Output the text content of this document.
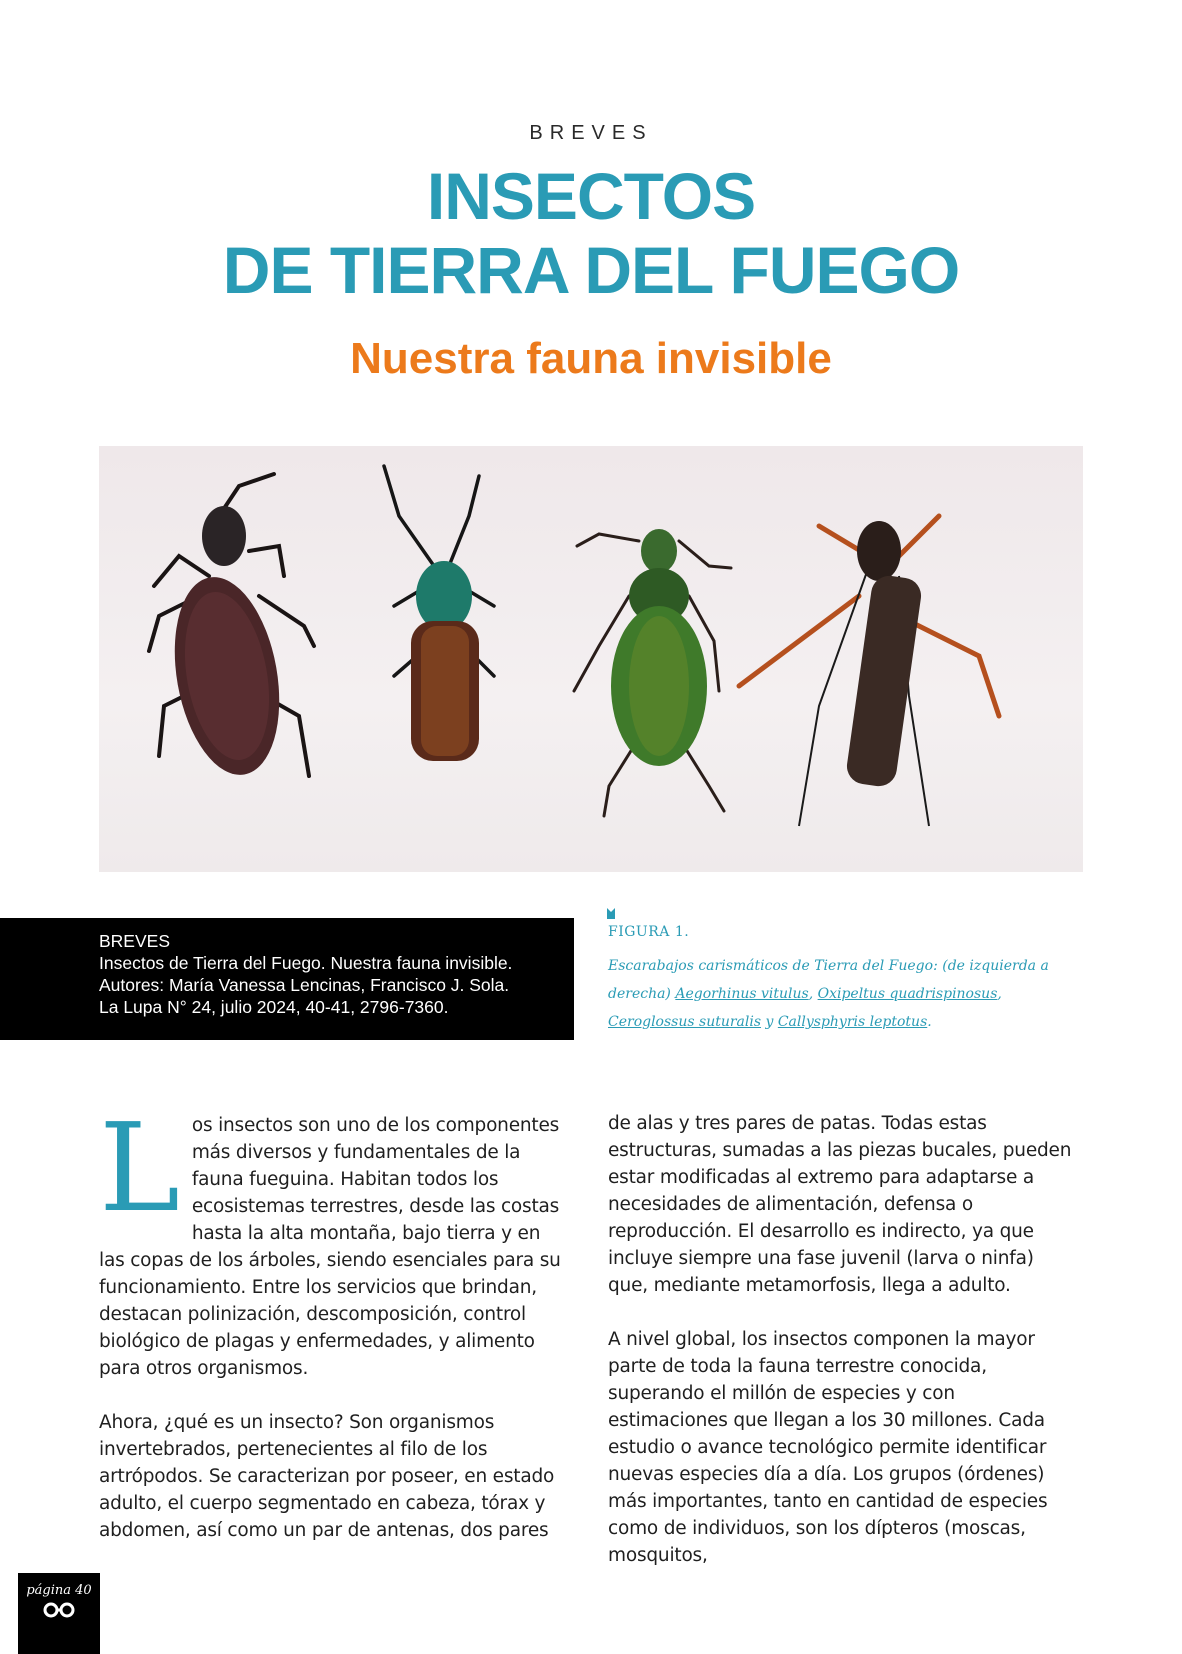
BREVES
INSECTOS
DE TIERRA DEL FUEGO
Nuestra fauna invisible
BREVES
Insectos de Tierra del Fuego. Nuestra fauna invisible.
Autores: María Vanessa Lencinas, Francisco J. Sola.
La Lupa N° 24, julio 2024, 40-41, 2796-7360.
FIGURA 1.
Escarabajos carismáticos de Tierra del Fuego: (de izquierda a derecha) Aegorhinus vitulus, Oxipeltus quadrispinosus, Ceroglossus suturalis y Callysphyris leptotus.

Los insectos son uno de los componentes más diversos y fundamentales de la fauna fueguina. Habitan todos los ecosistemas terrestres, desde las costas hasta la alta montaña, bajo tierra y en las copas de los árboles, siendo esenciales para su funcionamiento. Entre los servicios que brindan, destacan polinización, descomposición, control biológico de plagas y enfermedades, y alimento para otros organismos.

Ahora, ¿qué es un insecto? Son organismos invertebrados, pertenecientes al filo de los artrópodos. Se caracterizan por poseer, en estado adulto, el cuerpo segmentado en cabeza, tórax y abdomen, así como un par de antenas, dos pares

de alas y tres pares de patas. Todas estas estructuras, sumadas a las piezas bucales, pueden estar modificadas al extremo para adaptarse a necesidades de alimentación, defensa o reproducción. El desarrollo es indirecto, ya que incluye siempre una fase juvenil (larva o ninfa) que, mediante metamorfosis, llega a adulto.

A nivel global, los insectos componen la mayor parte de toda la fauna terrestre conocida, superando el millón de especies y con estimaciones que llegan a los 30 millones. Cada estudio o avance tecnológico permite identificar nuevas especies día a día. Los grupos (órdenes) más importantes, tanto en cantidad de especies como de individuos, son los dípteros (moscas, mosquitos,

página 40
